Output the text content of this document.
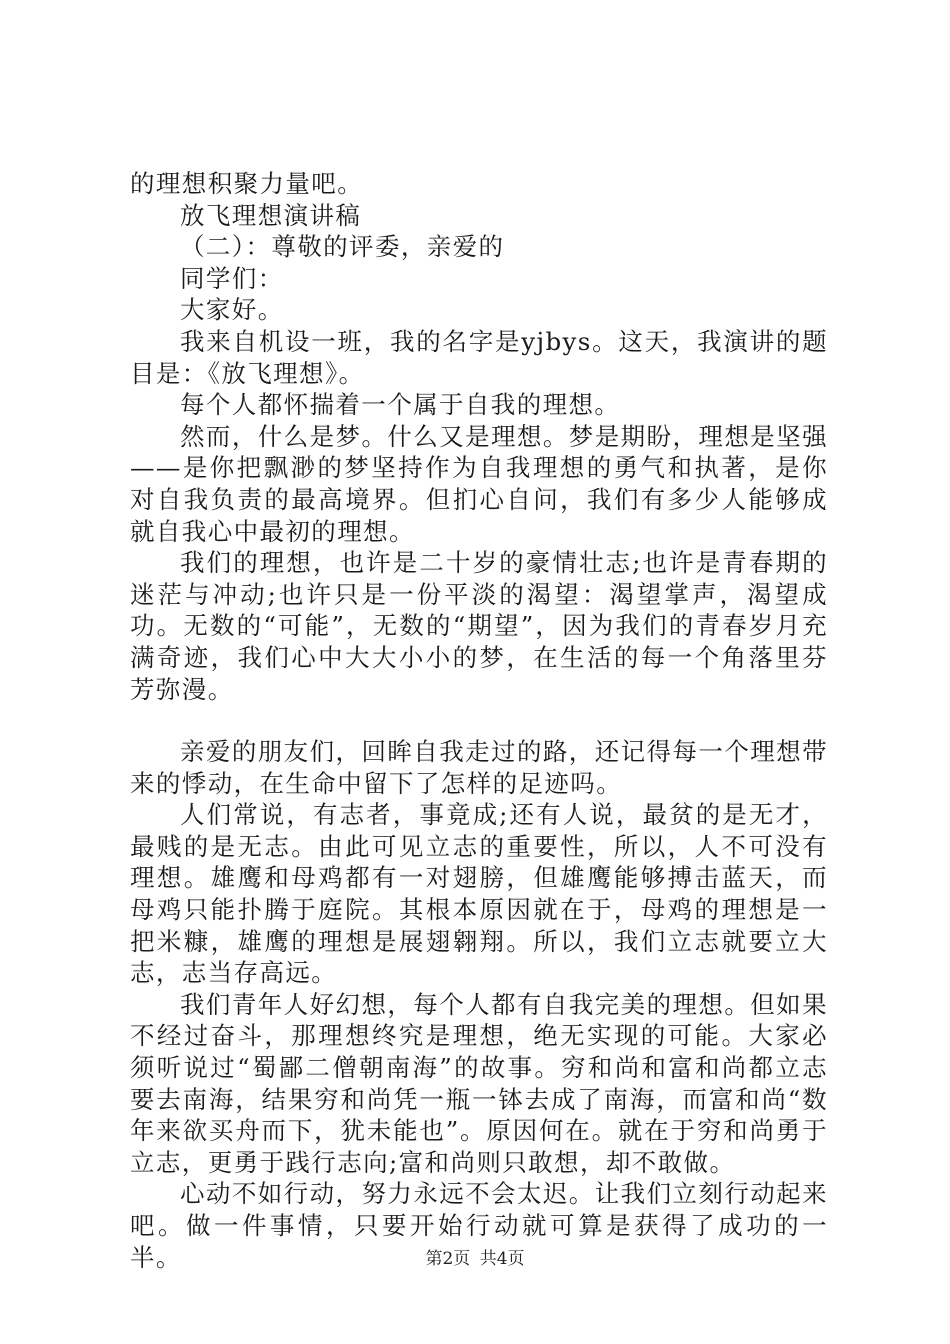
的理想积聚力量吧。

放飞理想演讲稿

（二）：尊敬的评委，亲爱的

同学们：

大家好。

我来自机设一班，我的名字是yjbys。这天，我演讲的题目是：《放飞理想》。

每个人都怀揣着一个属于自我的理想。

然而，什么是梦。什么又是理想。梦是期盼，理想是坚强——是你把飘渺的梦坚持作为自我理想的勇气和执著，是你对自我负责的最高境界。但扪心自问，我们有多少人能够成就自我心中最初的理想。

我们的理想，也许是二十岁的豪情壮志;也许是青春期的迷茫与冲动;也许只是一份平淡的渴望：渴望掌声，渴望成功。无数的“可能”，无数的“期望”，因为我们的青春岁月充满奇迹，我们心中大大小小的梦，在生活的每一个角落里芬芳弥漫。

亲爱的朋友们，回眸自我走过的路，还记得每一个理想带来的悸动，在生命中留下了怎样的足迹吗。

人们常说，有志者，事竟成;还有人说，最贫的是无才，最贱的是无志。由此可见立志的重要性，所以，人不可没有理想。雄鹰和母鸡都有一对翅膀，但雄鹰能够搏击蓝天，而母鸡只能扑腾于庭院。其根本原因就在于，母鸡的理想是一把米糠，雄鹰的理想是展翅翱翔。所以，我们立志就要立大志，志当存高远。

我们青年人好幻想，每个人都有自我完美的理想。但如果不经过奋斗，那理想终究是理想，绝无实现的可能。大家必须听说过“蜀鄙二僧朝南海”的故事。穷和尚和富和尚都立志要去南海，结果穷和尚凭一瓶一钵去成了南海，而富和尚“数年来欲买舟而下，犹未能也”。原因何在。就在于穷和尚勇于立志，更勇于践行志向;富和尚则只敢想，却不敢做。

心动不如行动，努力永远不会太迟。让我们立刻行动起来吧。做一件事情，只要开始行动就可算是获得了成功的一半。	第2页 共4页
